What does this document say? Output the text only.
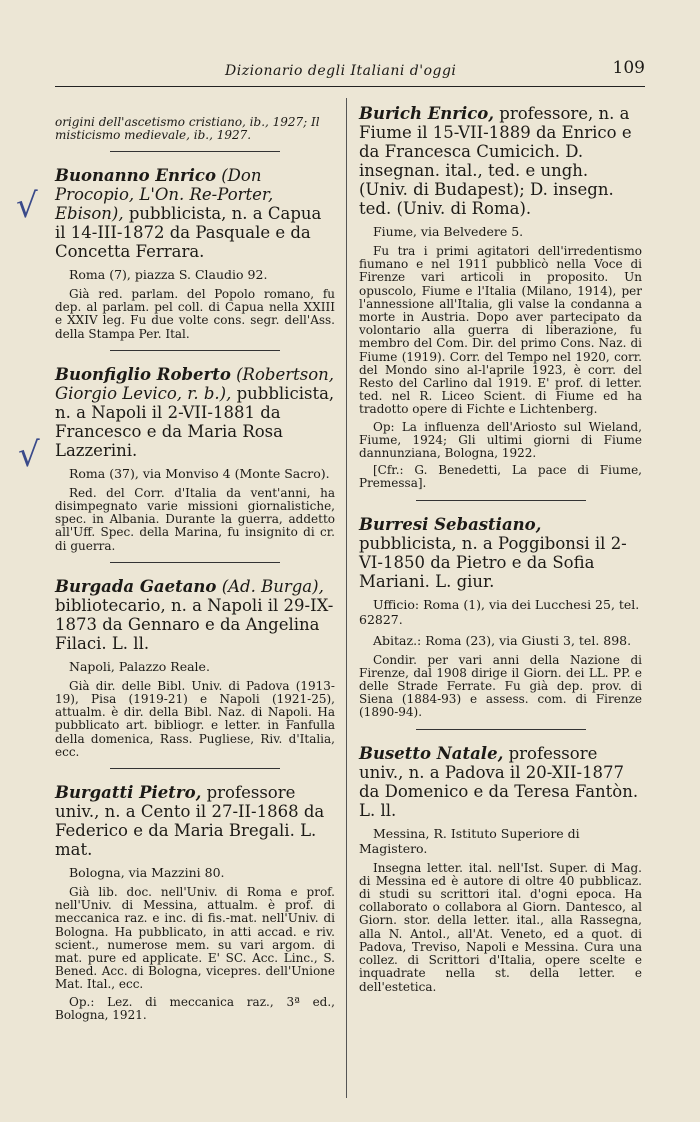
Dizionario degli Italiani d'oggi	109
√
√

origini dell'ascetismo cristiano, ib., 1927; Il misticismo medievale, ib., 1927.

Buonanno Enrico (Don Procopio, L'On. Re-Porter, Ebison), pubblicista, n. a Capua il 14-III-1872 da Pasquale e da Concetta Ferrara.

Roma (7), piazza S. Claudio 92.

Già red. parlam. del Popolo romano, fu dep. al parlam. pel coll. di Capua nella XXIII e XXIV leg. Fu due volte cons. segr. dell'Ass. della Stampa Per. Ital.

Buonfiglio Roberto (Robertson, Giorgio Levico, r. b.), pubblicista, n. a Napoli il 2-VII-1881 da Francesco e da Maria Rosa Lazzerini.

Roma (37), via Monviso 4 (Monte Sacro).

Red. del Corr. d'Italia da vent'anni, ha disimpegnato varie missioni giornalistiche, spec. in Albania. Durante la guerra, addetto all'Uff. Spec. della Marina, fu insignito di cr. di guerra.

Burgada Gaetano (Ad. Burga), bibliotecario, n. a Napoli il 29-IX-1873 da Gennaro e da Angelina Filaci. L. ll.

Napoli, Palazzo Reale.

Già dir. delle Bibl. Univ. di Padova (1913-19), Pisa (1919-21) e Napoli (1921-25), attualm. è dir. della Bibl. Naz. di Napoli. Ha pubblicato art. bibliogr. e letter. in Fanfulla della domenica, Rass. Pugliese, Riv. d'Italia, ecc.

Burgatti Pietro, professore univ., n. a Cento il 27-II-1868 da Federico e da Maria Bregali. L. mat.

Bologna, via Mazzini 80.

Già lib. doc. nell'Univ. di Roma e prof. nell'Univ. di Messina, attualm. è prof. di meccanica raz. e inc. di fis.-mat. nell'Univ. di Bologna. Ha pubblicato, in atti accad. e riv. scient., numerose mem. su vari argom. di mat. pure ed applicate. E' SC. Acc. Linc., S. Bened. Acc. di Bologna, vicepres. dell'Unione Mat. Ital., ecc.

Op.: Lez. di meccanica raz., 3ª ed., Bologna, 1921.

Burich Enrico, professore, n. a Fiume il 15-VII-1889 da Enrico e da Francesca Cumicich. D. insegnan. ital., ted. e ungh. (Univ. di Budapest); D. insegn. ted. (Univ. di Roma).

Fiume, via Belvedere 5.

Fu tra i primi agitatori dell'irredentismo fiumano e nel 1911 pubblicò nella Voce di Firenze vari articoli in proposito. Un opuscolo, Fiume e l'Italia (Milano, 1914), per l'annessione all'Italia, gli valse la condanna a morte in Austria. Dopo aver partecipato da volontario alla guerra di liberazione, fu membro del Com. Dir. del primo Cons. Naz. di Fiume (1919). Corr. del Tempo nel 1920, corr. del Mondo sino al-l'aprile 1923, è corr. del Resto del Carlino dal 1919. E' prof. di letter. ted. nel R. Liceo Scient. di Fiume ed ha tradotto opere di Fichte e Lichtenberg.

Op: La influenza dell'Ariosto sul Wieland, Fiume, 1924; Gli ultimi giorni di Fiume dannunziana, Bologna, 1922.

[Cfr.: G. Benedetti, La pace di Fiume, Premessa].

Burresi Sebastiano, pubblicista, n. a Poggibonsi il 2-VI-1850 da Pietro e da Sofia Mariani. L. giur.

Ufficio: Roma (1), via dei Lucchesi 25, tel. 62827.

Abitaz.: Roma (23), via Giusti 3, tel. 898.

Condir. per vari anni della Nazione di Firenze, dal 1908 dirige il Giorn. dei LL. PP. e delle Strade Ferrate. Fu già dep. prov. di Siena (1884-93) e assess. com. di Firenze (1890-94).

Busetto Natale, professore univ., n. a Padova il 20-XII-1877 da Domenico e da Teresa Fantòn. L. ll.

Messina, R. Istituto Superiore di Magistero.

Insegna letter. ital. nell'Ist. Super. di Mag. di Messina ed è autore di oltre 40 pubblicaz. di studi su scrittori ital. d'ogni epoca. Ha collaborato o collabora al Giorn. Dantesco, al Giorn. stor. della letter. ital., alla Rassegna, alla N. Antol., all'At. Veneto, ed a quot. di Padova, Treviso, Napoli e Messina. Cura una collez. di Scrittori d'Italia, opere scelte e inquadrate nella st. della letter. e dell'estetica.
